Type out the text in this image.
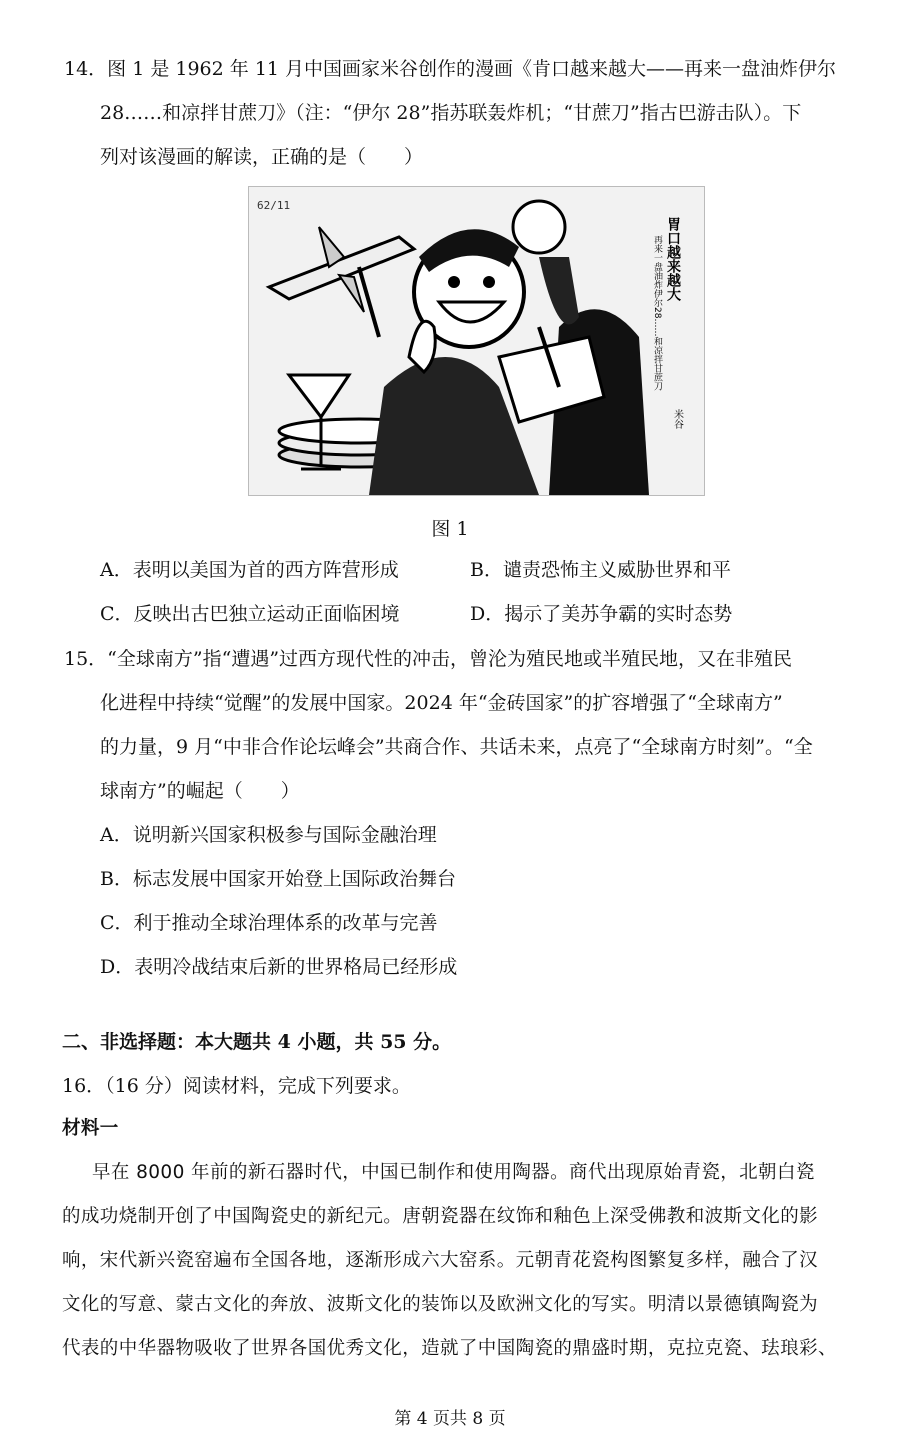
14．图 1 是 1962 年 11 月中国画家米谷创作的漫画《肯口越来越大——再来一盘油炸伊尔
28……和凉拌甘蔗刀》（注：“伊尔 28”指苏联轰炸机；“甘蔗刀”指古巴游击队）。下
列对该漫画的解读，正确的是（　　）
62/11
胃口越来越大
再来一盘油炸伊尔28……和凉拌甘蔗刀
米谷
图 1
A．表明以美国为首的西方阵营形成	B．谴责恐怖主义威胁世界和平
C．反映出古巴独立运动正面临困境	D．揭示了美苏争霸的实时态势
15．“全球南方”指“遭遇”过西方现代性的冲击，曾沦为殖民地或半殖民地，又在非殖民
化进程中持续“觉醒”的发展中国家。2024 年“金砖国家”的扩容增强了“全球南方”
的力量，9 月“中非合作论坛峰会”共商合作、共话未来，点亮了“全球南方时刻”。“全
球南方”的崛起（　　）
A．说明新兴国家积极参与国际金融治理
B．标志发展中国家开始登上国际政治舞台
C．利于推动全球治理体系的改革与完善
D．表明冷战结束后新的世界格局已经形成
二、非选择题：本大题共 4 小题，共 55 分。
16．（16 分）阅读材料，完成下列要求。
材料一
早在 8000 年前的新石器时代，中国已制作和使用陶器。商代出现原始青瓷，北朝白瓷
的成功烧制开创了中国陶瓷史的新纪元。唐朝瓷器在纹饰和釉色上深受佛教和波斯文化的影
响，宋代新兴瓷窑遍布全国各地，逐渐形成六大窑系。元朝青花瓷构图繁复多样，融合了汉
文化的写意、蒙古文化的奔放、波斯文化的装饰以及欧洲文化的写实。明清以景德镇陶瓷为
代表的中华器物吸收了世界各国优秀文化，造就了中国陶瓷的鼎盛时期，克拉克瓷、珐琅彩、
第 4 页共 8 页
